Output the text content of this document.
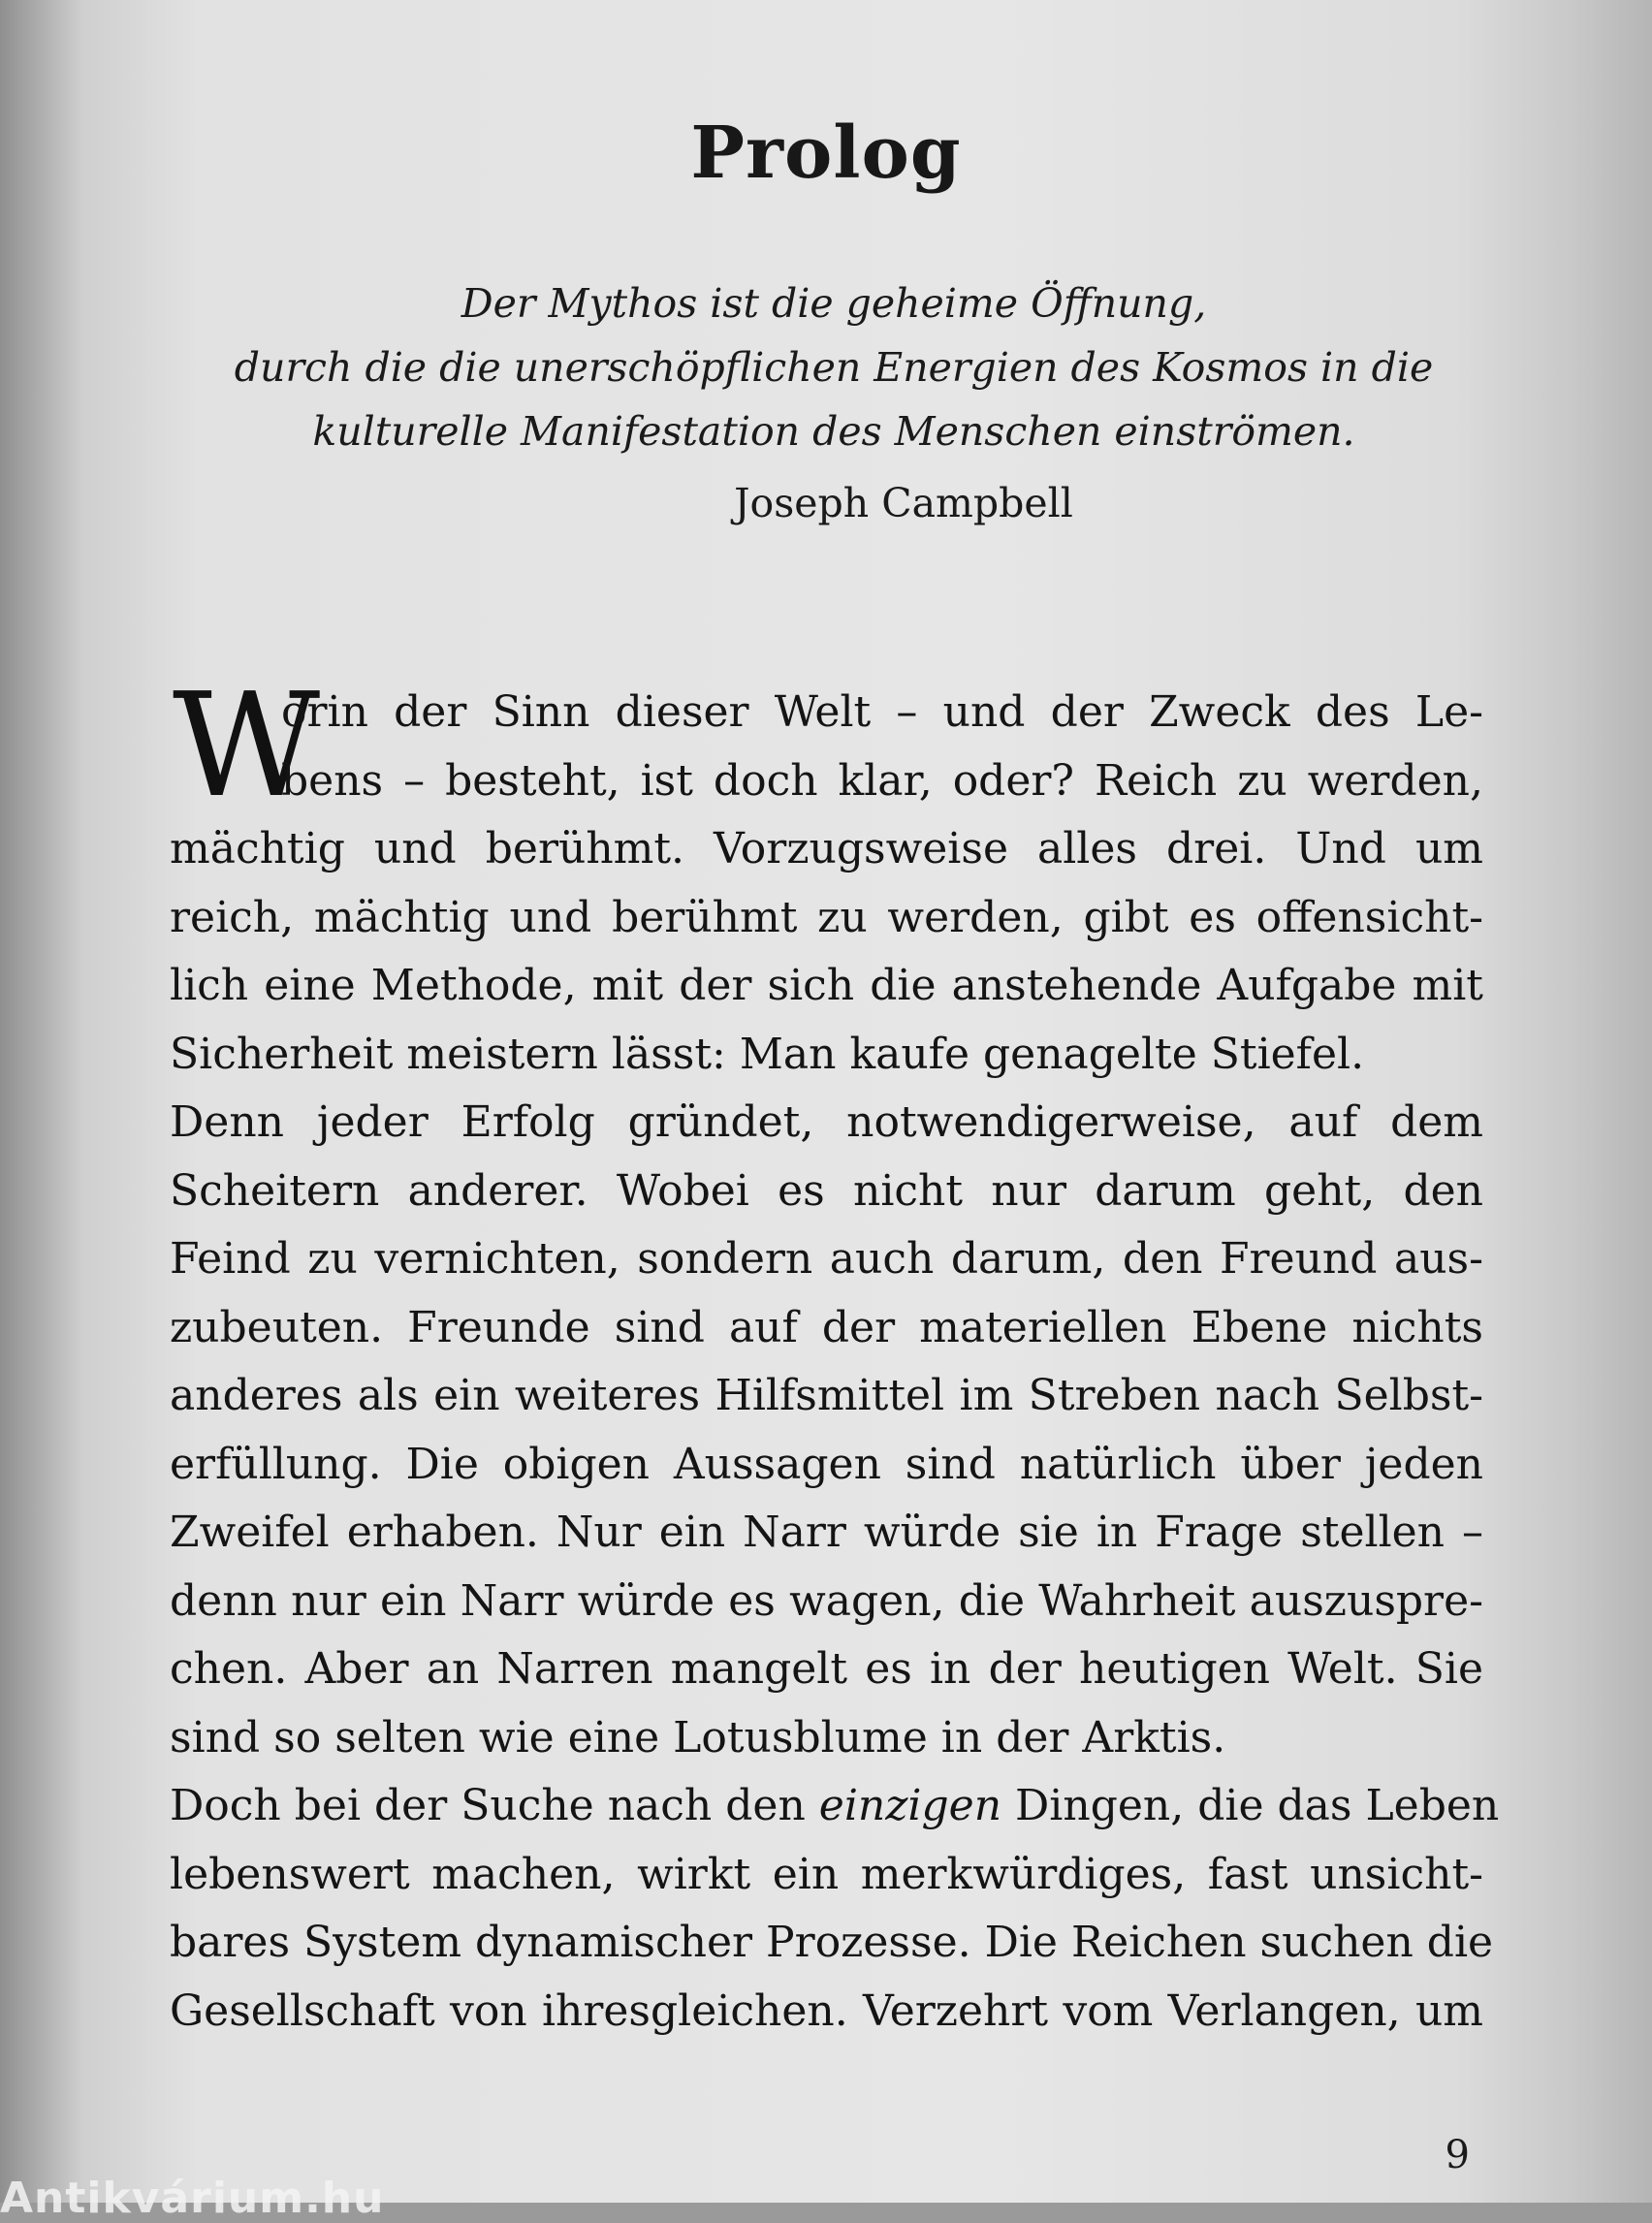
Prolog
Der Mythos ist die geheime Öffnung,
durch die die unerschöpflichen Energien des Kosmos in die
kulturelle Manifestation des Menschen einströmen.
Joseph Campbell
W
orin der Sinn dieser Welt – und der Zweck des Le-
bens – besteht, ist doch klar, oder? Reich zu werden,
mächtig und berühmt. Vorzugsweise alles drei. Und um
reich, mächtig und berühmt zu werden, gibt es offensicht-
lich eine Methode, mit der sich die anstehende Aufgabe mit
Sicherheit meistern lässt: Man kaufe genagelte Stiefel.
Denn jeder Erfolg gründet, notwendigerweise, auf dem
Scheitern anderer. Wobei es nicht nur darum geht, den
Feind zu vernichten, sondern auch darum, den Freund aus-
zubeuten. Freunde sind auf der materiellen Ebene nichts
anderes als ein weiteres Hilfsmittel im Streben nach Selbst-
erfüllung. Die obigen Aussagen sind natürlich über jeden
Zweifel erhaben. Nur ein Narr würde sie in Frage stellen –
denn nur ein Narr würde es wagen, die Wahrheit auszuspre-
chen. Aber an Narren mangelt es in der heutigen Welt. Sie
sind so selten wie eine Lotusblume in der Arktis.
Doch bei der Suche nach den einzigen Dingen, die das Leben
lebenswert machen, wirkt ein merkwürdiges, fast unsicht-
bares System dynamischer Prozesse. Die Reichen suchen die
Gesellschaft von ihresgleichen. Verzehrt vom Verlangen, um
9
Antikvárium.hu
